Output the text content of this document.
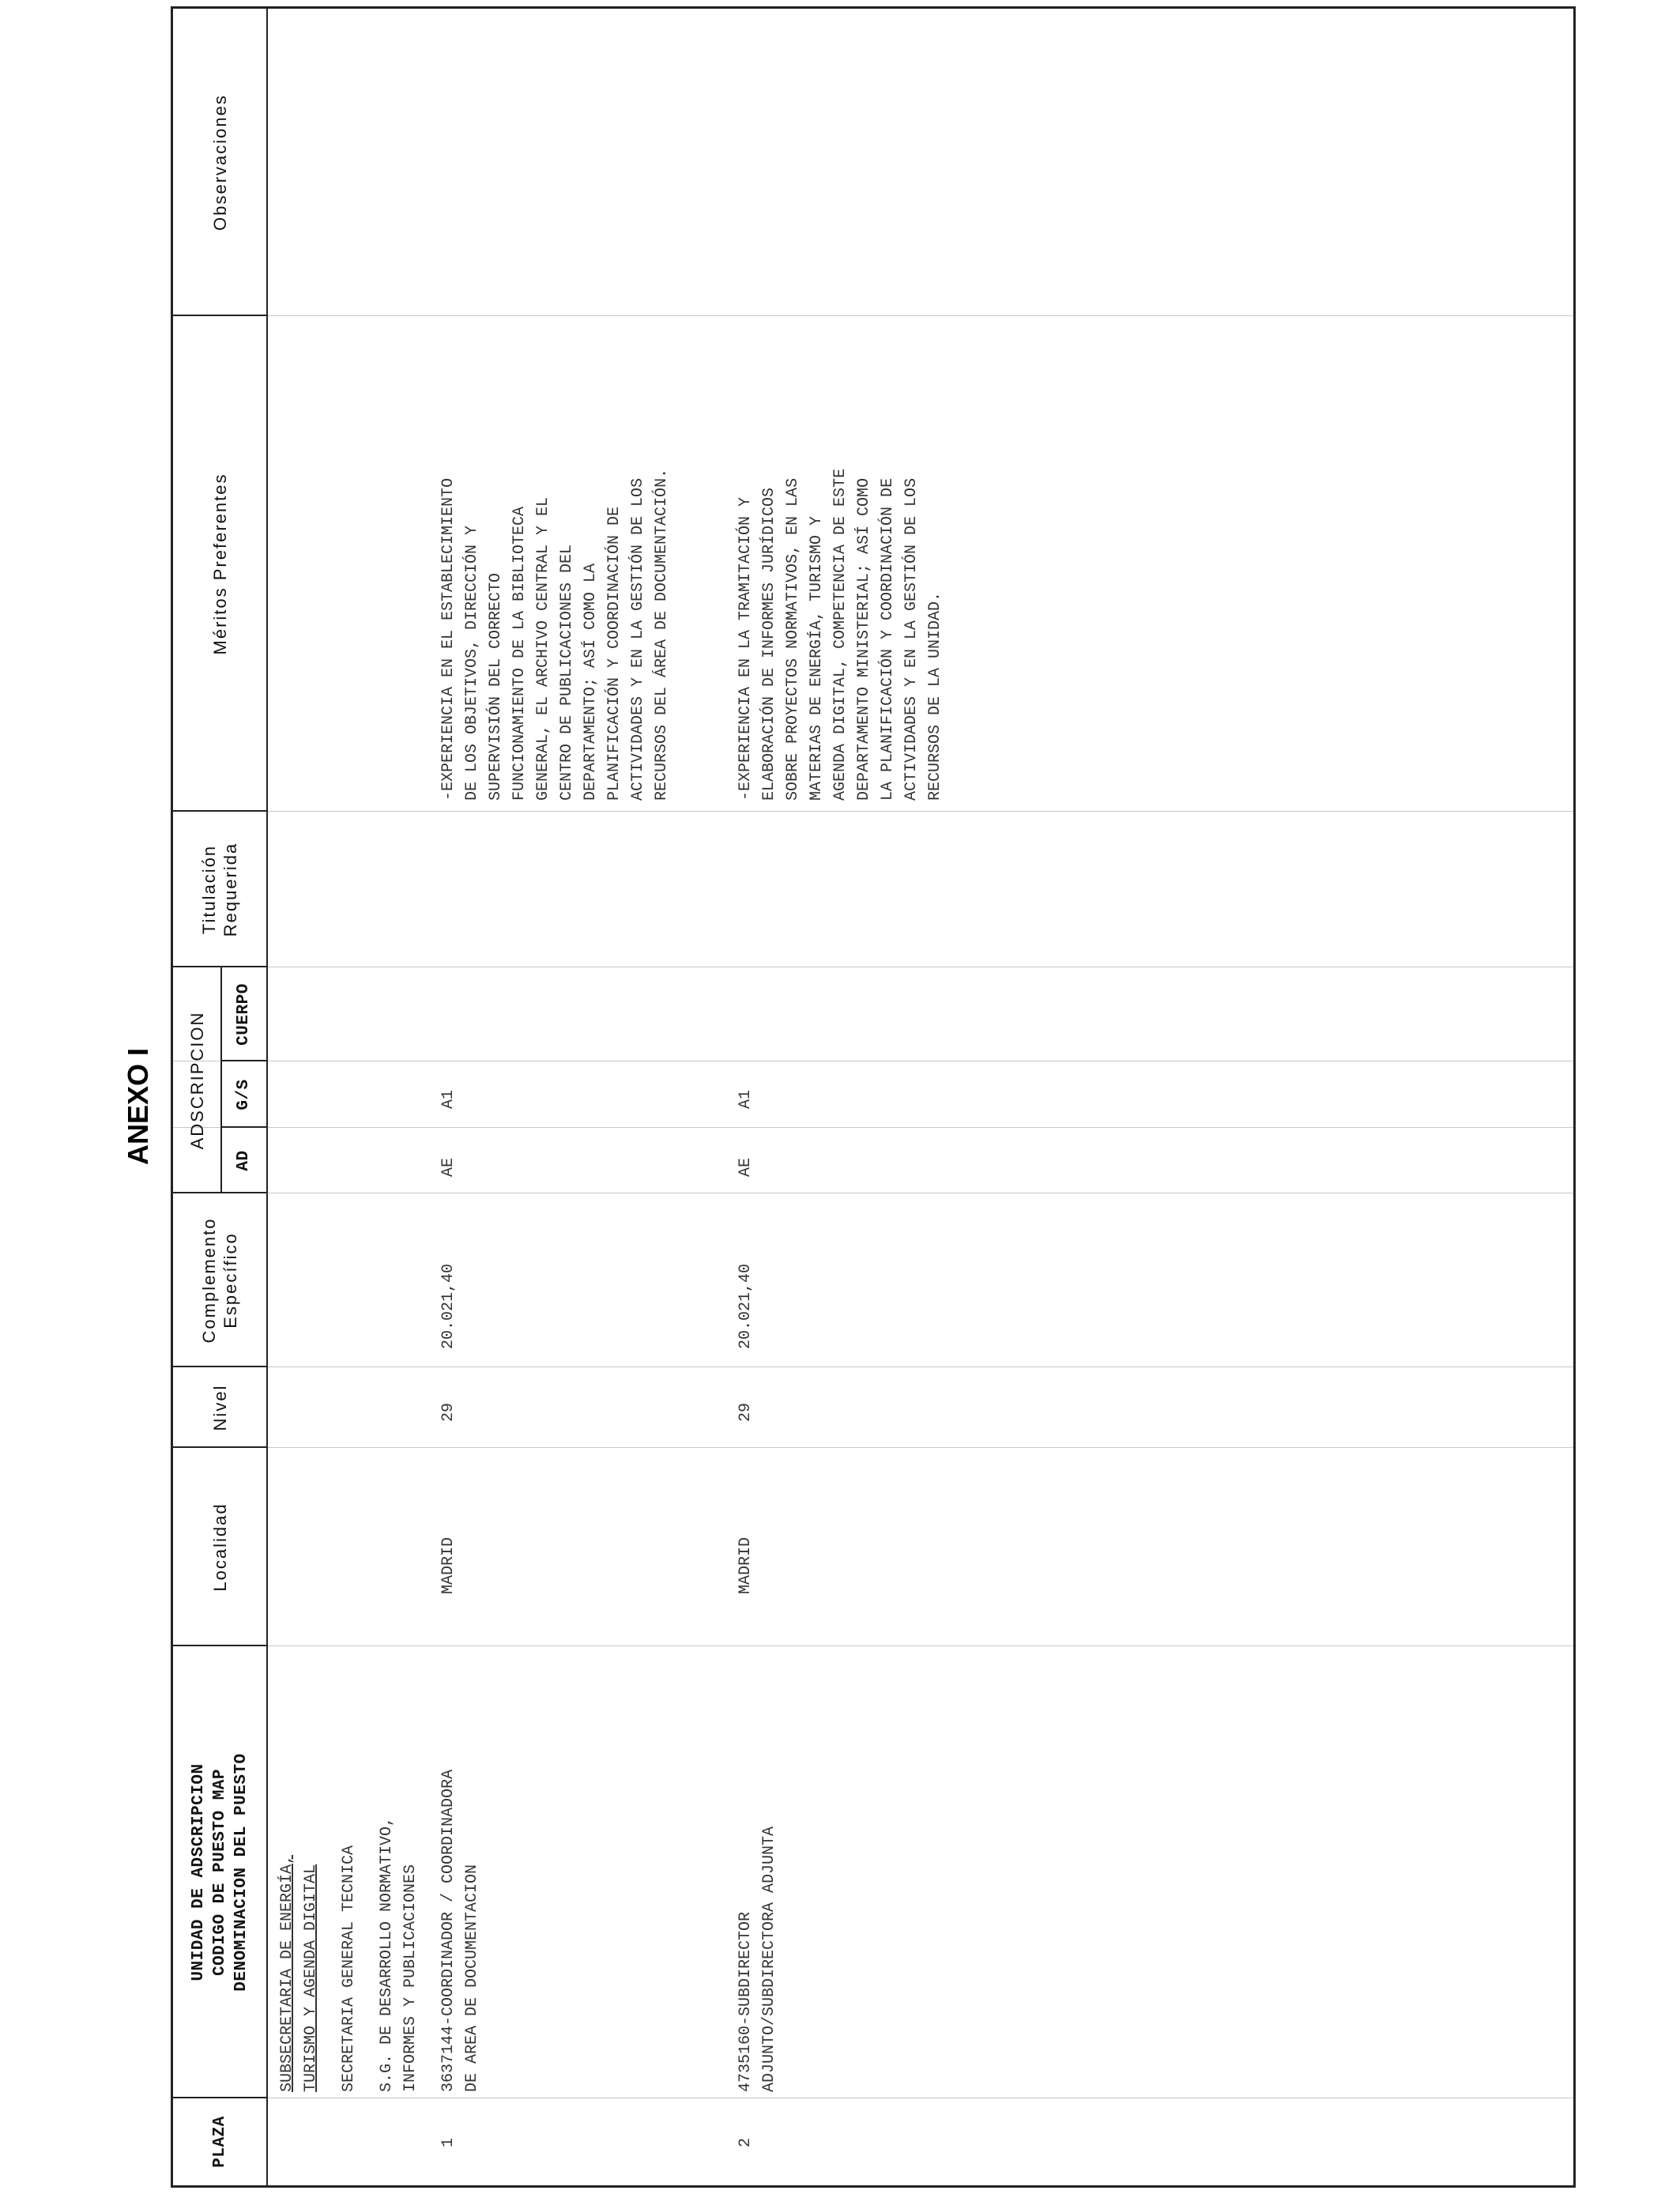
ANEXO I
PLAZA
UNIDAD DE ADSCRIPCION CODIGO DE PUESTO MAP DENOMINACION DEL PUESTO
Localidad
Nivel
Complemento Específico
ADSCRIPCION
AD
G/S
CUERPO
Titulación Requerida
Méritos Preferentes
Observaciones
SUBSECRETARIA DE ENERGÍA, TURISMO Y AGENDA DIGITAL SECRETARIA GENERAL TECNICA S.G. DE DESARROLLO NORMATIVO, INFORMES Y PUBLICACIONES
1
3637144-COORDINADOR / COORDINADORA DE AREA DE DOCUMENTACION
MADRID
29
20.021,40
AE
A1
-EXPERIENCIA EN EL ESTABLECIMIENTO DE LOS OBJETIVOS, DIRECCIÓN Y SUPERVISIÓN DEL CORRECTO FUNCIONAMIENTO DE LA BIBLIOTECA GENERAL, EL ARCHIVO CENTRAL Y EL CENTRO DE PUBLICACIONES DEL DEPARTAMENTO; ASÍ COMO LA PLANIFICACIÓN Y COORDINACIÓN DE ACTIVIDADES Y EN LA GESTIÓN DE LOS RECURSOS DEL ÁREA DE DOCUMENTACIÓN.
2
4735160-SUBDIRECTOR ADJUNTO/SUBDIRECTORA ADJUNTA
MADRID
29
20.021,40
AE
A1
-EXPERIENCIA EN LA TRAMITACIÓN Y ELABORACIÓN DE INFORMES JURÍDICOS SOBRE PROYECTOS NORMATIVOS, EN LAS MATERIAS DE ENERGÍA, TURISMO Y AGENDA DIGITAL, COMPETENCIA DE ESTE DEPARTAMENTO MINISTERIAL; ASÍ COMO LA PLANIFICACIÓN Y COORDINACIÓN DE ACTIVIDADES Y EN LA GESTIÓN DE LOS RECURSOS DE LA UNIDAD.
